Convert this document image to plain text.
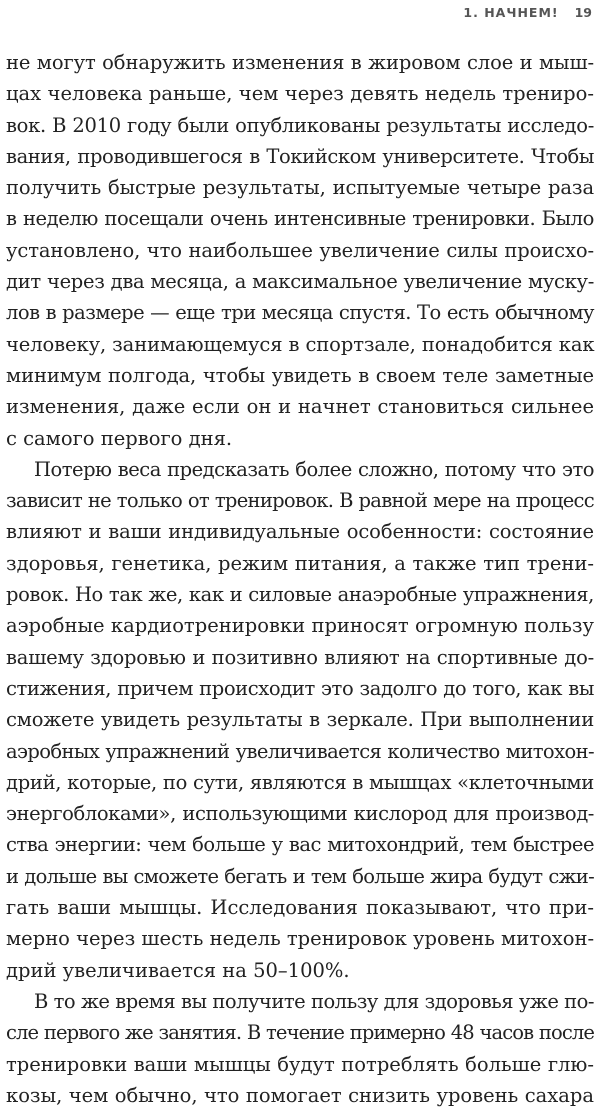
1. НАЧНЕМ! 19
не могут обнаружить изменения в жировом слое и мыш-
цах человека раньше, чем через девять недель трениро-
вок. В 2010 году были опубликованы результаты исследо-
вания, проводившегося в Токийском университете. Чтобы
получить быстрые результаты, испытуемые четыре раза
в неделю посещали очень интенсивные тренировки. Было
установлено, что наибольшее увеличение силы происхо-
дит через два месяца, а максимальное увеличение муску-
лов в размере — еще три месяца спустя. То есть обычному
человеку, занимающемуся в спортзале, понадобится как
минимум полгода, чтобы увидеть в своем теле заметные
изменения, даже если он и начнет становиться сильнее
с самого первого дня.
Потерю веса предсказать более сложно, потому что это
зависит не только от тренировок. В равной мере на процесс
влияют и ваши индивидуальные особенности: состояние
здоровья, генетика, режим питания, а также тип трени-
ровок. Но так же, как и силовые анаэробные упражнения,
аэробные кардиотренировки приносят огромную пользу
вашему здоровью и позитивно влияют на спортивные до-
стижения, причем происходит это задолго до того, как вы
сможете увидеть результаты в зеркале. При выполнении
аэробных упражнений увеличивается количество митохон-
дрий, которые, по сути, являются в мышцах «клеточными
энергоблоками», использующими кислород для производ-
ства энергии: чем больше у вас митохондрий, тем быстрее
и дольше вы сможете бегать и тем больше жира будут сжи-
гать ваши мышцы. Исследования показывают, что при-
мерно через шесть недель тренировок уровень митохон-
дрий увеличивается на 50–100%.
В то же время вы получите пользу для здоровья уже по-
сле первого же занятия. В течение примерно 48 часов после
тренировки ваши мышцы будут потреблять больше глю-
козы, чем обычно, что помогает снизить уровень сахара
